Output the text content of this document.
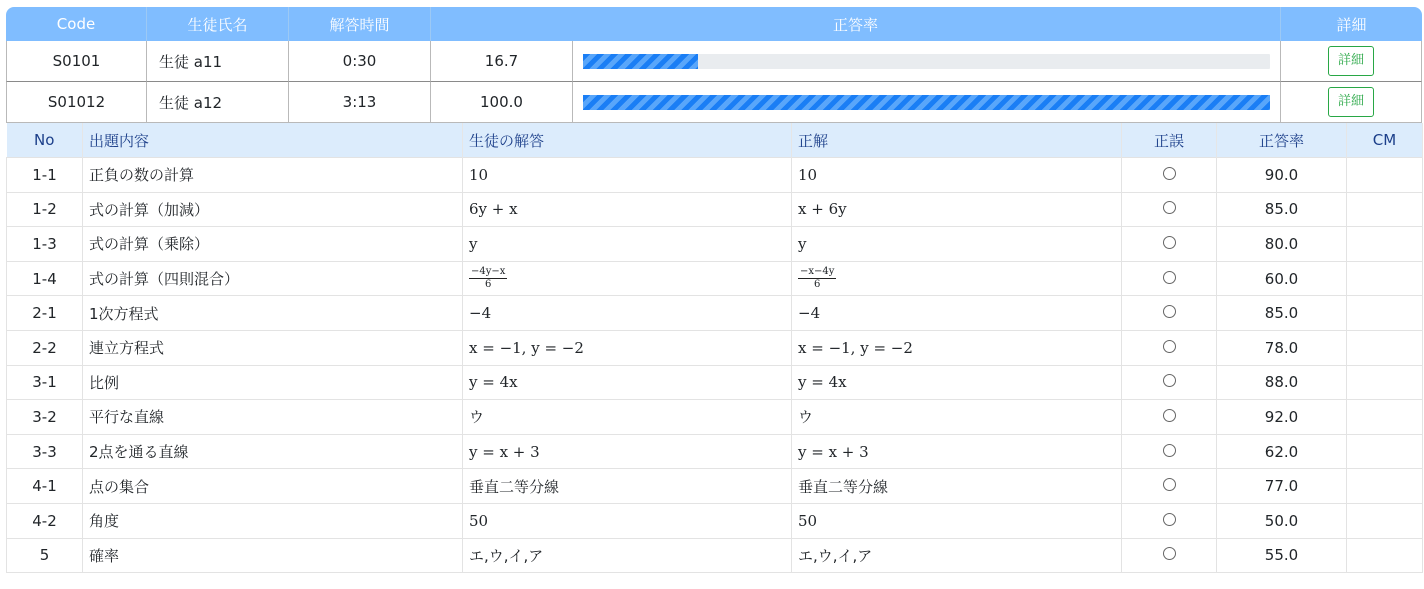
Code	生徒氏名	解答時間	正答率		詳細
S0101	生徒 a11	0:30	16.7		詳細
S01012	生徒 a12	3:13	100.0		詳細
No	出題内容	生徒の解答	正解	正誤	正答率	CM
1-1	正負の数の計算	10	10		90.0	
1-2	式の計算（加減）	6y + x	x + 6y		85.0	
1-3	式の計算（乗除）	y	y		80.0	
1-4	式の計算（四則混合）	$\frac{-4y-x}{6}$	$\frac{-x-4y}{6}$		60.0	
2-1	1次方程式	−4	−4		85.0	
2-2	連立方程式	x = −1, y = −2	x = −1, y = −2		78.0	
3-1	比例	y = 4x	y = 4x		88.0	
3-2	平行な直線	ウ	ウ		92.0	
3-3	2点を通る直線	y = x + 3	y = x + 3		62.0	
4-1	点の集合	垂直二等分線	垂直二等分線		77.0	
4-2	角度	50	50		50.0	
5	確率	エ,ウ,イ,ア	エ,ウ,イ,ア		55.0	
